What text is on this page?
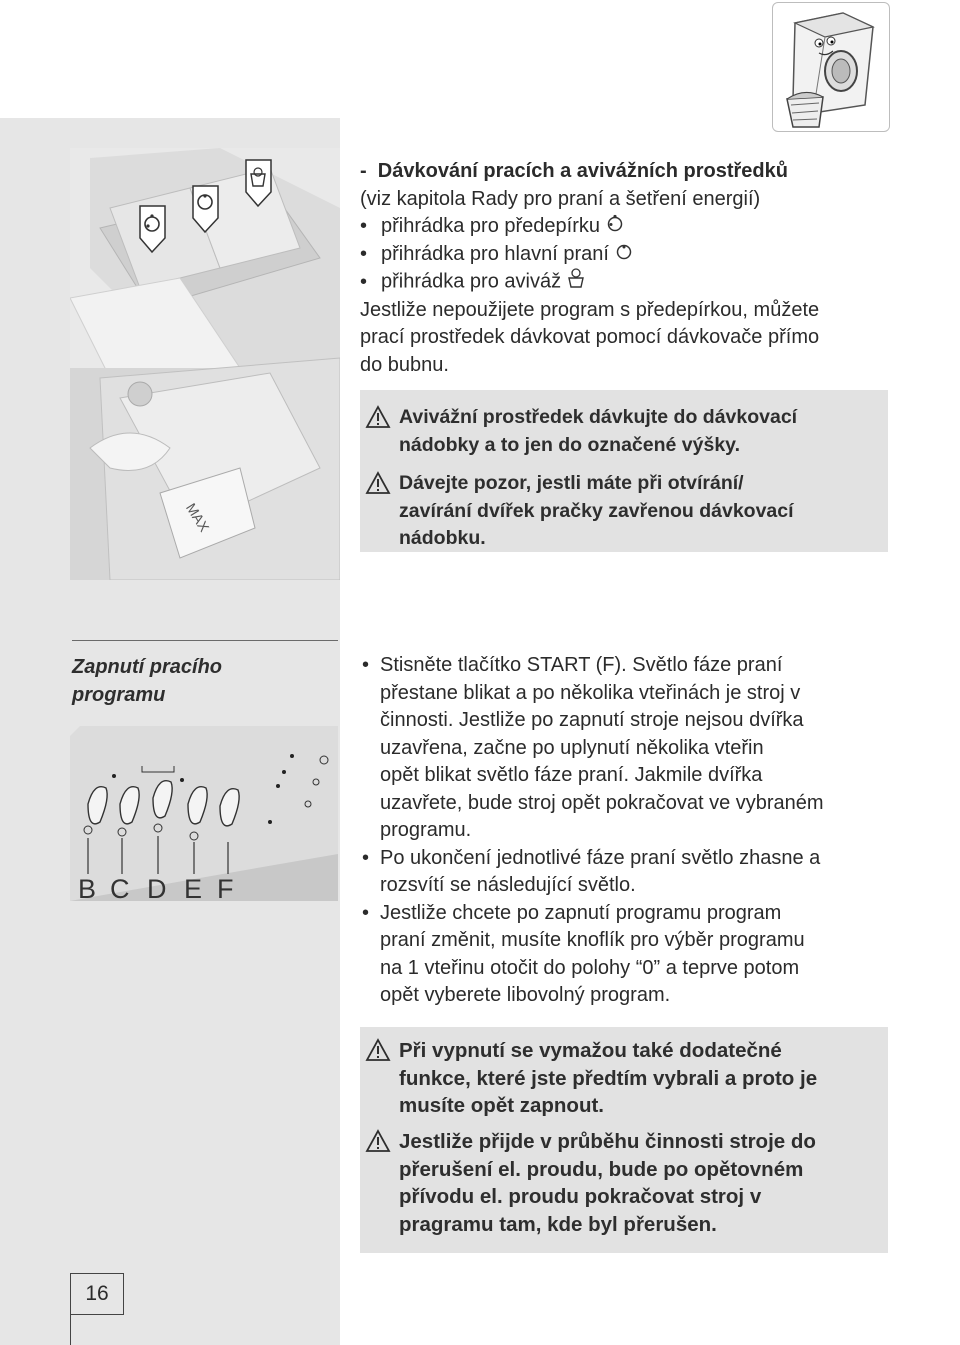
MAX
- Dávkování pracích a avivážních prostředků
(viz kapitola Rady pro praní a šetření energií)
• přihrádka pro předepírku
• přihrádka pro hlavní praní
• přihrádka pro aviváž
Jestliže nepoužijete program s předepírkou, můžete
prací prostředek dávkovat pomocí dávkovače přímo
do bubnu.
Avivážní prostředek dávkujte do dávkovací
nádobky a to jen do označené výšky.
Dávejte pozor, jestli máte při otvírání/
zavírání dvířek pračky zavřenou dávkovací
nádobku.
Zapnutí pracího
programu
B C D E F
• Stisněte tlačítko START (F). Světlo fáze praní
přestane blikat a po několika vteřinách je stroj v
činnosti. Jestliže po zapnutí stroje nejsou dvířka
uzavřena, začne po uplynutí několika vteřin
opět blikat světlo fáze praní. Jakmile dvířka
uzavřete, bude stroj opět pokračovat ve vybraném
programu.
• Po ukončení jednotlivé fáze praní světlo zhasne a
rozsvítí se následující světlo.
• Jestliže chcete po zapnutí programu program
praní změnit, musíte knoflík pro výběr programu
na 1 vteřinu otočit do polohy “0” a teprve potom
opět vyberete libovolný program.
Při vypnutí se vymažou také dodatečné
funkce, které jste předtím vybrali a proto je
musíte opět zapnout.
Jestliže přijde v průběhu činnosti stroje do
přerušení el. proudu, bude po opětovném
přívodu el. proudu pokračovat stroj v
pragramu tam, kde byl přerušen.
16
